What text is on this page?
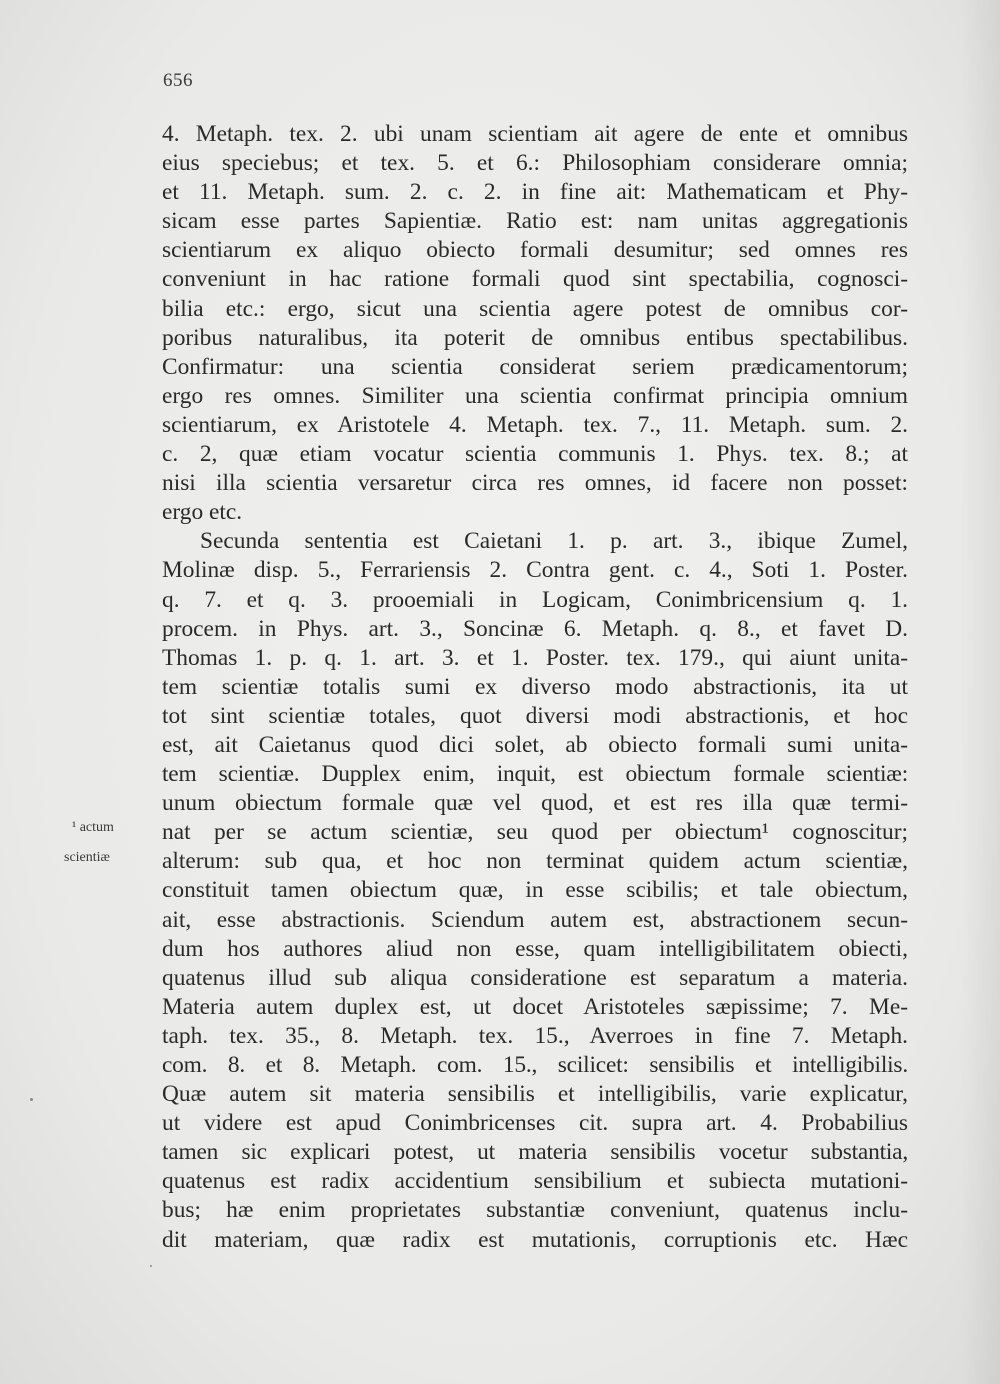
656
¹ actum
scientiæ
4. Metaph. tex. 2. ubi unam scientiam ait agere de ente et omnibus
eius speciebus; et tex. 5. et 6.: Philosophiam considerare omnia;
et 11. Metaph. sum. 2. c. 2. in fine ait: Mathematicam et Phy-
sicam esse partes Sapientiæ. Ratio est: nam unitas aggregationis
scientiarum ex aliquo obiecto formali desumitur; sed omnes res
conveniunt in hac ratione formali quod sint spectabilia, cognosci-
bilia etc.: ergo, sicut una scientia agere potest de omnibus cor-
poribus naturalibus, ita poterit de omnibus entibus spectabilibus.
Confirmatur: una scientia considerat seriem prædicamentorum;
ergo res omnes. Similiter una scientia confirmat principia omnium
scientiarum, ex Aristotele 4. Metaph. tex. 7., 11. Metaph. sum. 2.
c. 2, quæ etiam vocatur scientia communis 1. Phys. tex. 8.; at
nisi illa scientia versaretur circa res omnes, id facere non posset:
ergo etc.
Secunda sententia est Caietani 1. p. art. 3., ibique Zumel,
Molinæ disp. 5., Ferrariensis 2. Contra gent. c. 4., Soti 1. Poster.
q. 7. et q. 3. prooemiali in Logicam, Conimbricensium q. 1.
procem. in Phys. art. 3., Soncinæ 6. Metaph. q. 8., et favet D.
Thomas 1. p. q. 1. art. 3. et 1. Poster. tex. 179., qui aiunt unita-
tem scientiæ totalis sumi ex diverso modo abstractionis, ita ut
tot sint scientiæ totales, quot diversi modi abstractionis, et hoc
est, ait Caietanus quod dici solet, ab obiecto formali sumi unita-
tem scientiæ. Dupplex enim, inquit, est obiectum formale scientiæ:
unum obiectum formale quæ vel quod, et est res illa quæ termi-
nat per se actum scientiæ, seu quod per obiectum¹ cognoscitur;
alterum: sub qua, et hoc non terminat quidem actum scientiæ,
constituit tamen obiectum quæ, in esse scibilis; et tale obiectum,
ait, esse abstractionis. Sciendum autem est, abstractionem secun-
dum hos authores aliud non esse, quam intelligibilitatem obiecti,
quatenus illud sub aliqua consideratione est separatum a materia.
Materia autem duplex est, ut docet Aristoteles sæpissime; 7. Me-
taph. tex. 35., 8. Metaph. tex. 15., Averroes in fine 7. Metaph.
com. 8. et 8. Metaph. com. 15., scilicet: sensibilis et intelligibilis.
Quæ autem sit materia sensibilis et intelligibilis, varie explicatur,
ut videre est apud Conimbricenses cit. supra art. 4. Probabilius
tamen sic explicari potest, ut materia sensibilis vocetur substantia,
quatenus est radix accidentium sensibilium et subiecta mutationi-
bus; hæ enim proprietates substantiæ conveniunt, quatenus inclu-
dit materiam, quæ radix est mutationis, corruptionis etc. Hæc
